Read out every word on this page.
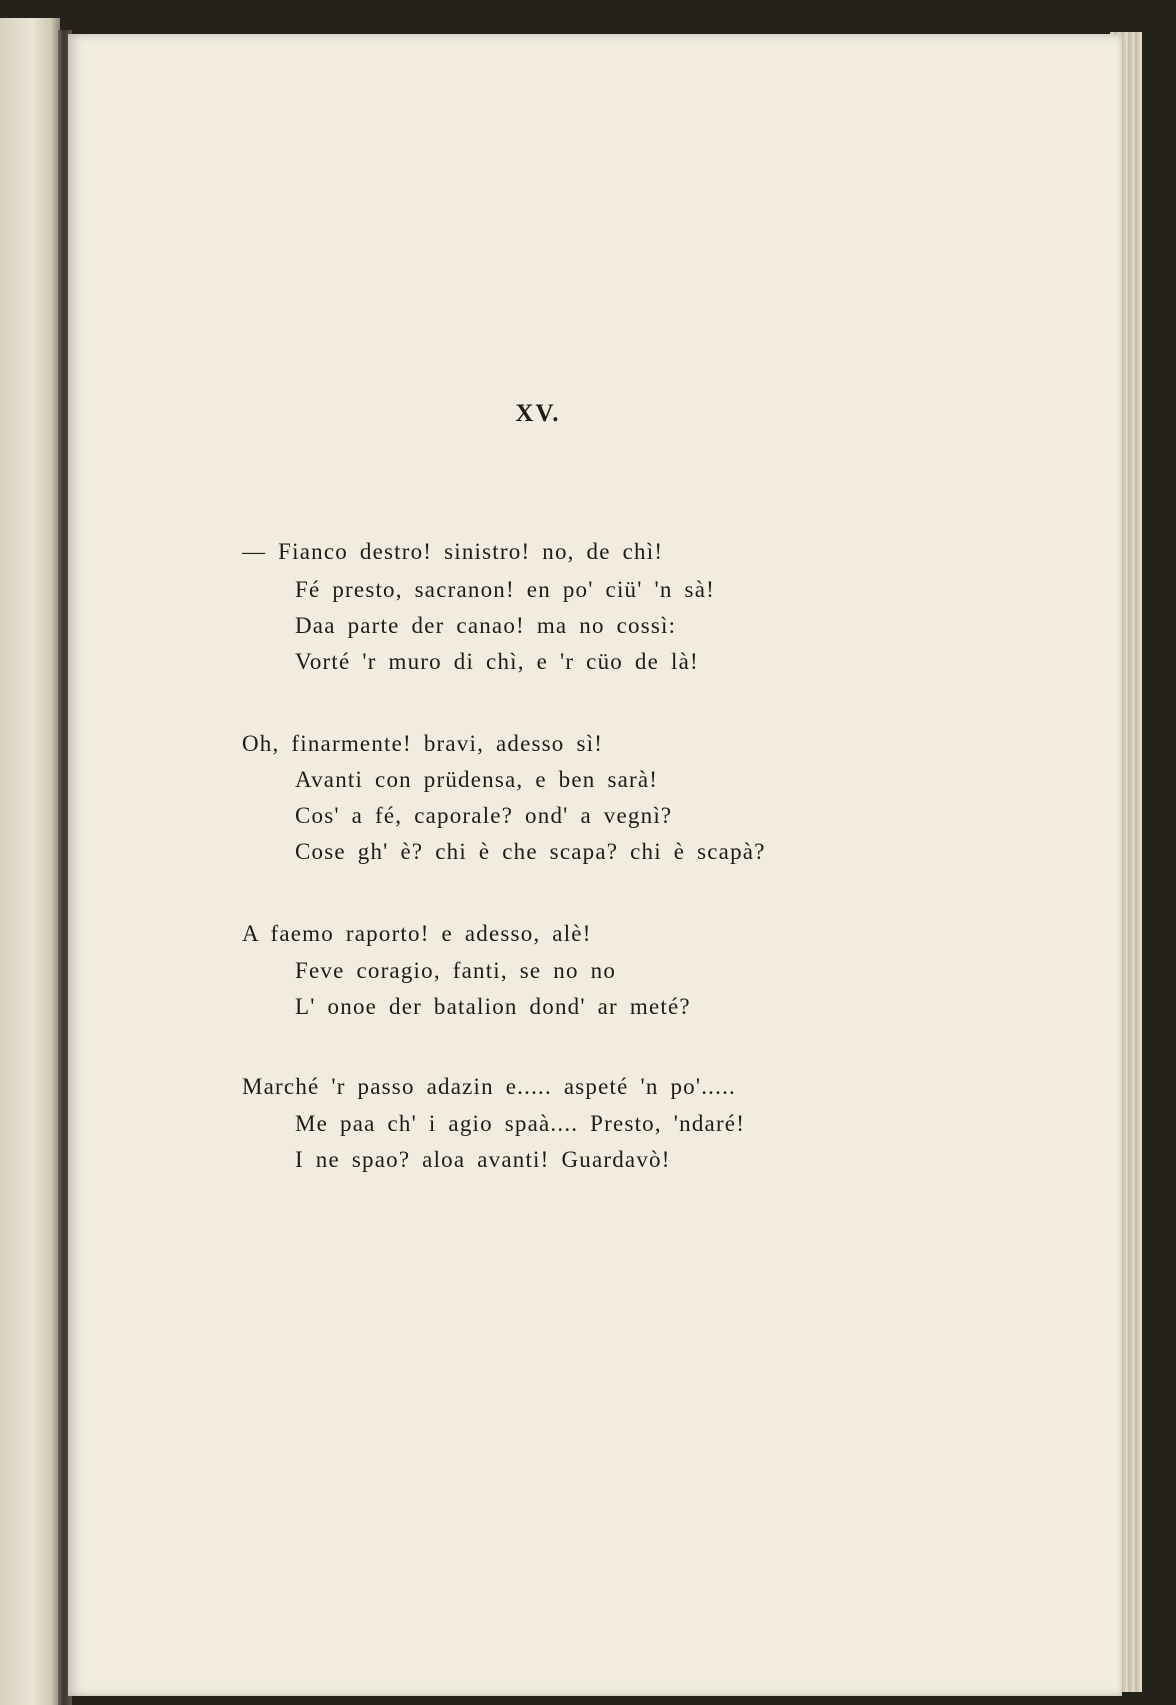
XV.
— Fianco destro! sinistro! no, de chì!
Fé presto, sacranon! en po' ciü' 'n sà!
Daa parte der canao! ma no cossì:
Vorté 'r muro di chì, e 'r cüo de là!
Oh, finarmente! bravi, adesso sì!
Avanti con prüdensa, e ben sarà!
Cos' a fé, caporale? ond' a vegnì?
Cose gh' è? chi è che scapa? chi è scapà?
A faemo raporto! e adesso, alè!
Feve coragio, fanti, se no no
L' onoe der batalion dond' ar meté?
Marché 'r passo adazin e..... aspeté 'n po'.....
Me paa ch' i agio spaà.... Presto, 'ndaré!
I ne spao? aloa avanti! Guardavò!
